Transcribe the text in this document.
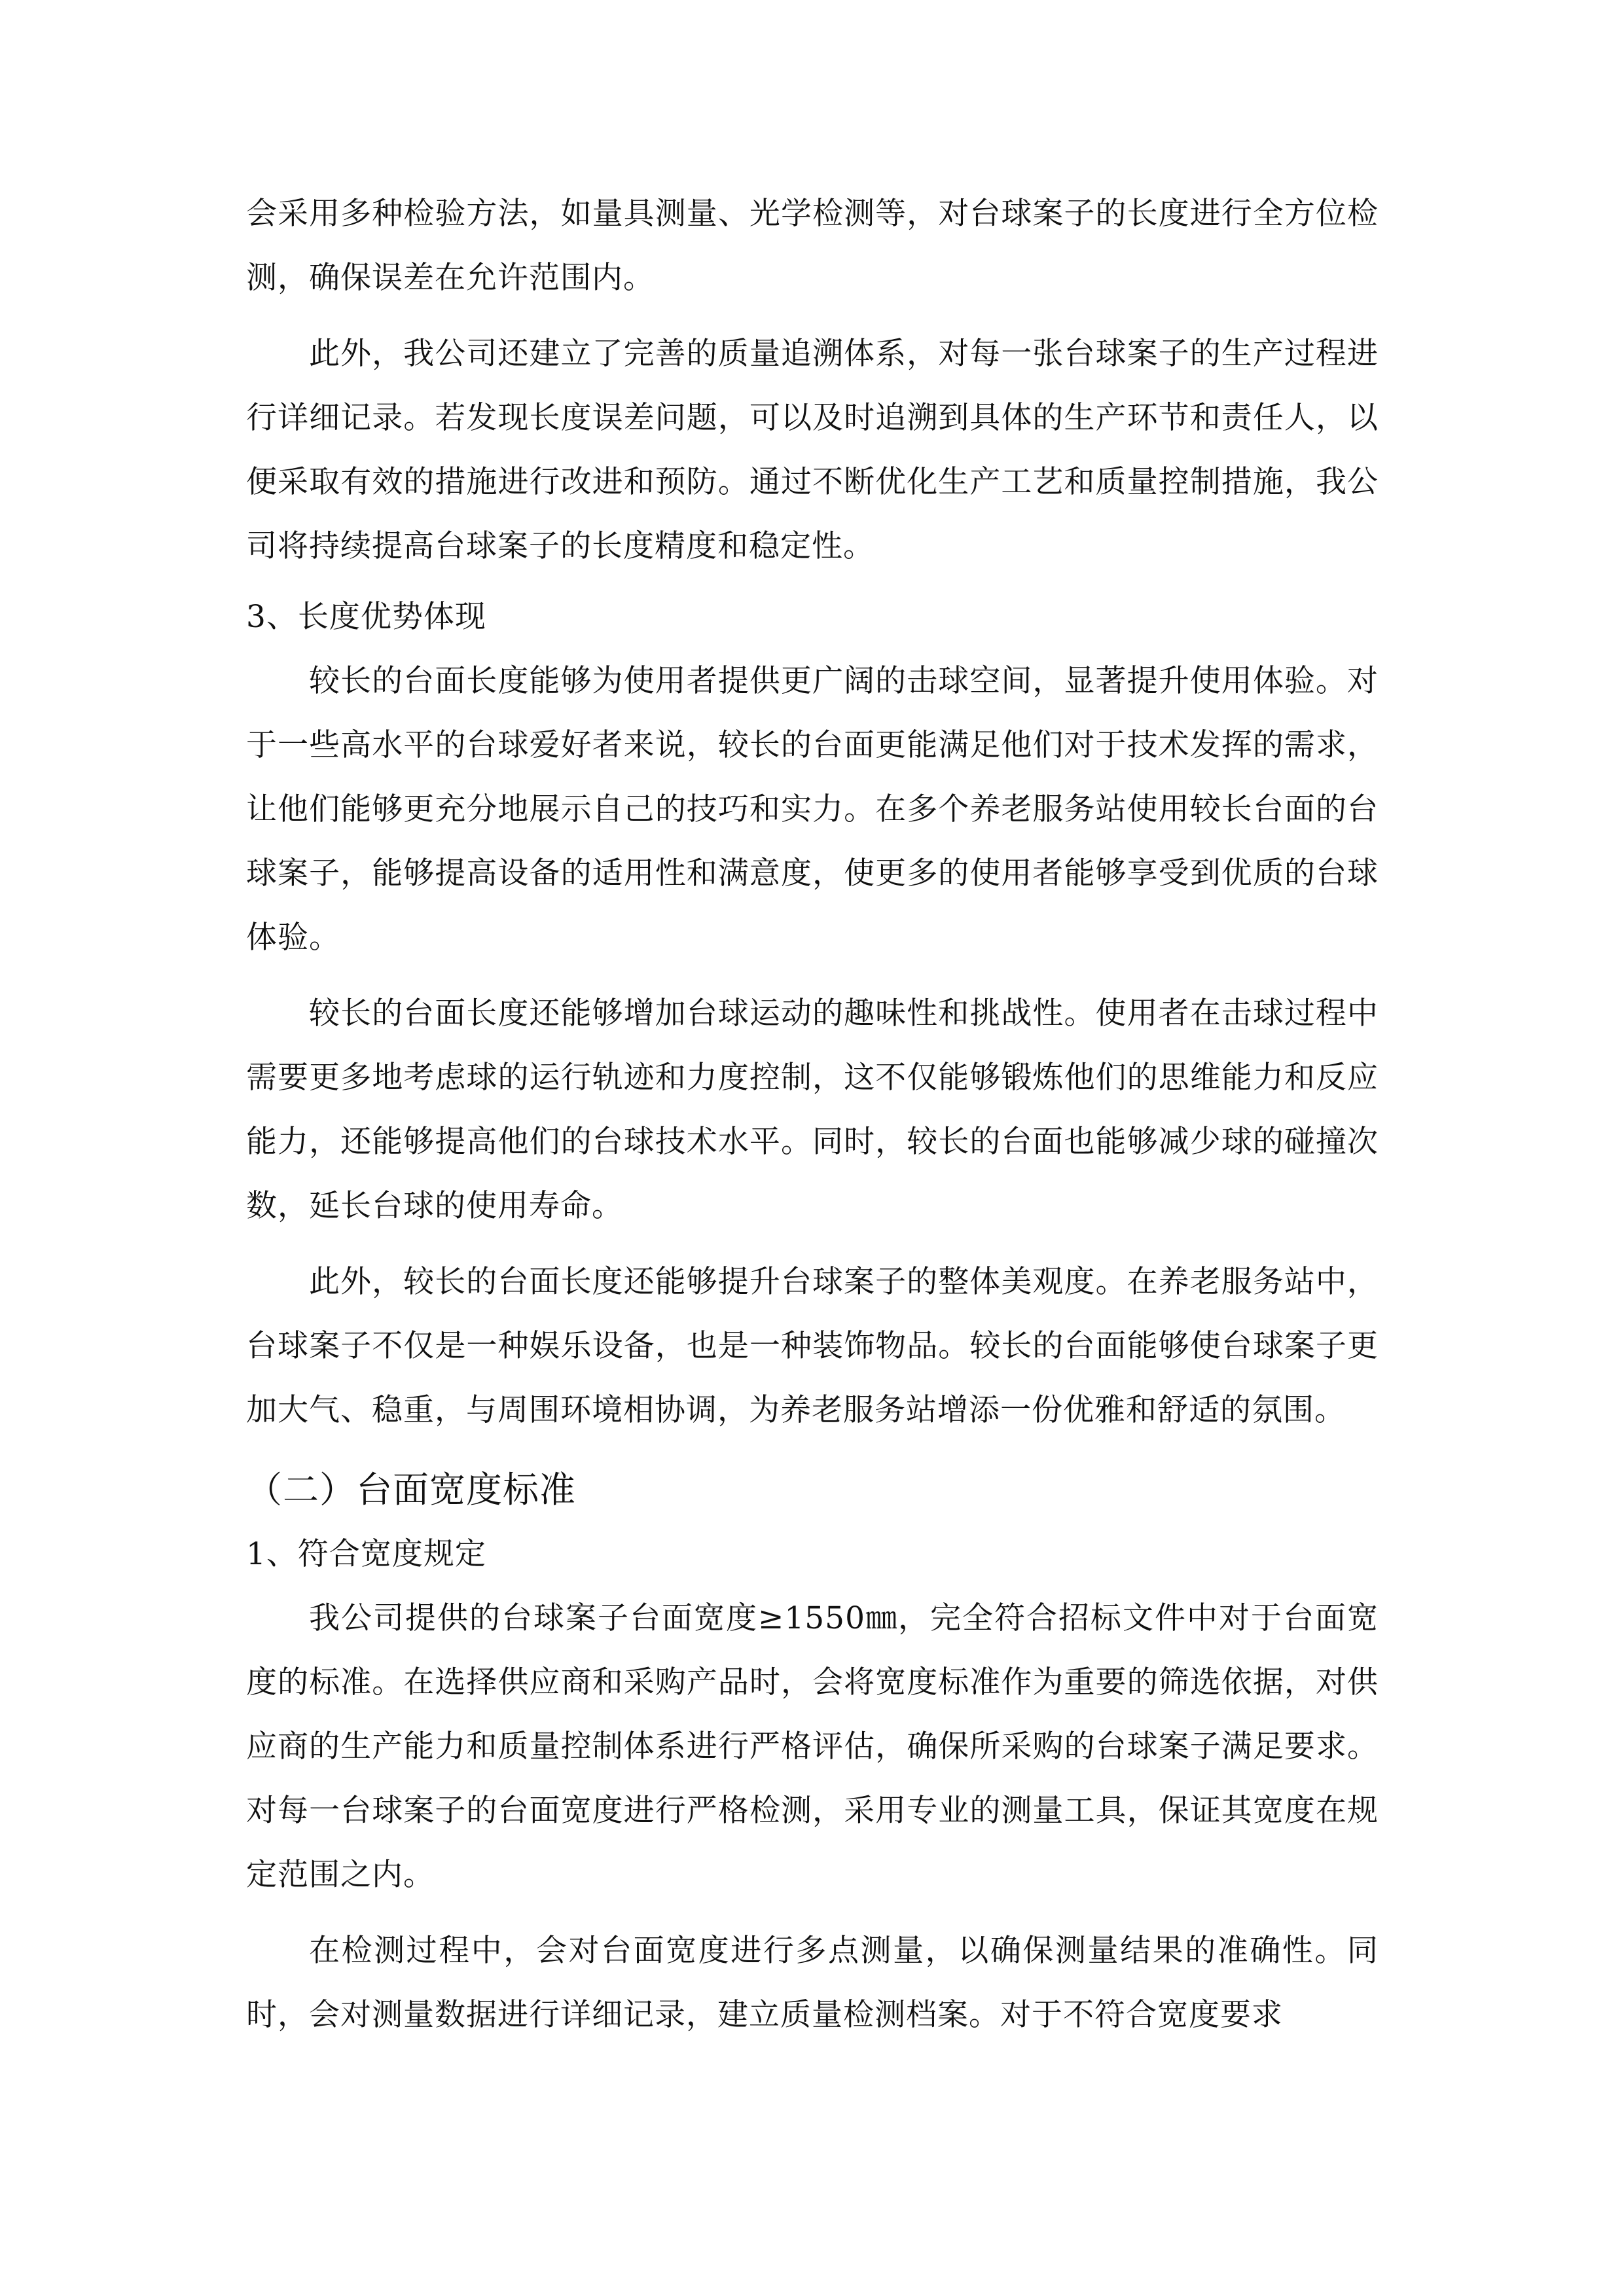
会采用多种检验方法，如量具测量、光学检测等，对台球案子的长度进行全方位检测，确保误差在允许范围内。

此外，我公司还建立了完善的质量追溯体系，对每一张台球案子的生产过程进行详细记录。若发现长度误差问题，可以及时追溯到具体的生产环节和责任人，以便采取有效的措施进行改进和预防。通过不断优化生产工艺和质量控制措施，我公司将持续提高台球案子的长度精度和稳定性。

3、长度优势体现

较长的台面长度能够为使用者提供更广阔的击球空间，显著提升使用体验。对于一些高水平的台球爱好者来说，较长的台面更能满足他们对于技术发挥的需求，让他们能够更充分地展示自己的技巧和实力。在多个养老服务站使用较长台面的台球案子，能够提高设备的适用性和满意度，使更多的使用者能够享受到优质的台球体验。

较长的台面长度还能够增加台球运动的趣味性和挑战性。使用者在击球过程中需要更多地考虑球的运行轨迹和力度控制，这不仅能够锻炼他们的思维能力和反应能力，还能够提高他们的台球技术水平。同时，较长的台面也能够减少球的碰撞次数，延长台球的使用寿命。

此外，较长的台面长度还能够提升台球案子的整体美观度。在养老服务站中，台球案子不仅是一种娱乐设备，也是一种装饰物品。较长的台面能够使台球案子更加大气、稳重，与周围环境相协调，为养老服务站增添一份优雅和舒适的氛围。

（二）台面宽度标准

1、符合宽度规定

我公司提供的台球案子台面宽度≥1550㎜，完全符合招标文件中对于台面宽度的标准。在选择供应商和采购产品时，会将宽度标准作为重要的筛选依据，对供应商的生产能力和质量控制体系进行严格评估，确保所采购的台球案子满足要求。对每一台球案子的台面宽度进行严格检测，采用专业的测量工具，保证其宽度在规定范围之内。

在检测过程中，会对台面宽度进行多点测量，以确保测量结果的准确性。同时，会对测量数据进行详细记录，建立质量检测档案。对于不符合宽度要求
